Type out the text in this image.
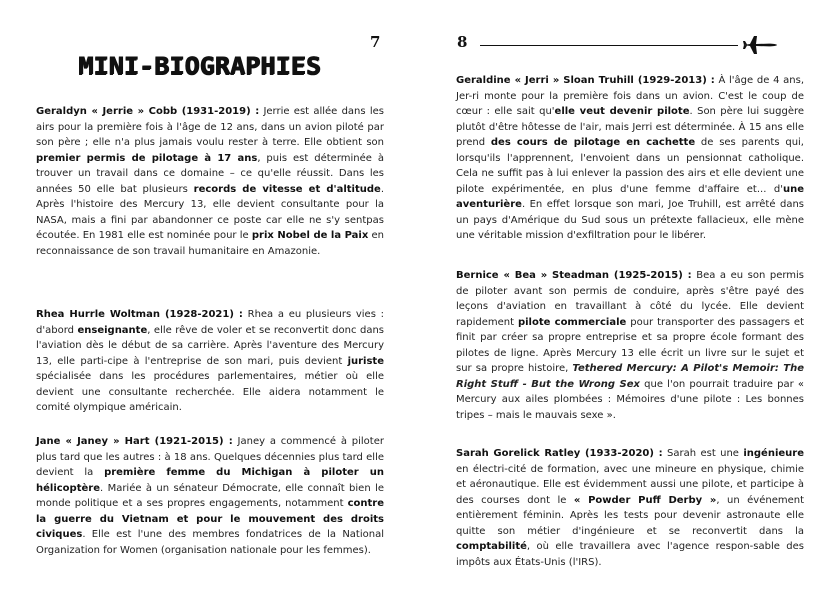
7
MINI-BIOGRAPHIES

Geraldyn « Jerrie » Cobb (1931-2019) : Jerrie est allée dans les airs pour la première fois à l'âge de 12 ans, dans un avion piloté par son père ; elle n'a plus jamais voulu rester à terre. Elle obtient son premier permis de pilotage à 17 ans, puis est déterminée à trouver un travail dans ce domaine – ce qu'elle réussit. Dans les années 50 elle bat plusieurs records de vitesse et d'altitude. Après l'histoire des Mercury 13, elle devient consultante pour la NASA, mais a fini par abandonner ce poste car elle ne s'y sentpas écoutée. En 1981 elle est nominée pour le prix Nobel de la Paix en reconnaissance de son travail humanitaire en Amazonie.

Rhea Hurrle Woltman (1928-2021) : Rhea a eu plusieurs vies : d'abord enseignante, elle rêve de voler et se reconvertit donc dans l'aviation dès le début de sa carrière. Après l'aventure des Mercury 13, elle parti-cipe à l'entreprise de son mari, puis devient juriste spécialisée dans les procédures parlementaires, métier où elle devient une consultante recherchée. Elle aidera notamment le comité olympique américain.

Jane « Janey » Hart (1921-2015) : Janey a commencé à piloter plus tard que les autres : à 18 ans. Quelques décennies plus tard elle devient la première femme du Michigan à piloter un hélicoptère. Mariée à un sénateur Démocrate, elle connaît bien le monde politique et a ses propres engagements, notamment contre la guerre du Vietnam et pour le mouvement des droits civiques. Elle est l'une des membres fondatrices de la National Organization for Women (organisation nationale pour les femmes).

8

Geraldine « Jerri » Sloan Truhill (1929-2013) : À l'âge de 4 ans, Jer-ri monte pour la première fois dans un avion. C'est le coup de cœur : elle sait qu'elle veut devenir pilote. Son père lui suggère plutôt d'être hôtesse de l'air, mais Jerri est déterminée. À 15 ans elle prend des cours de pilotage en cachette de ses parents qui, lorsqu'ils l'apprennent, l'envoient dans un pensionnat catholique. Cela ne suffit pas à lui enlever la passion des airs et elle devient une pilote expérimentée, en plus d'une femme d'affaire et... d'une aventurière. En effet lorsque son mari, Joe Truhill, est arrêté dans un pays d'Amérique du Sud sous un prétexte fallacieux, elle mène une véritable mission d'exfiltration pour le libérer.

Bernice « Bea » Steadman (1925-2015) : Bea a eu son permis de piloter avant son permis de conduire, après s'être payé des leçons d'aviation en travaillant à côté du lycée. Elle devient rapidement pilote commerciale pour transporter des passagers et finit par créer sa propre entreprise et sa propre école formant des pilotes de ligne. Après Mercury 13 elle écrit un livre sur le sujet et sur sa propre histoire, Tethered Mercury: A Pilot's Memoir: The Right Stuff - But the Wrong Sex que l'on pourrait traduire par « Mercury aux ailes plombées : Mémoires d'une pilote : Les bonnes tripes – mais le mauvais sexe ».

Sarah Gorelick Ratley (1933-2020) : Sarah est une ingénieure en électri-cité de formation, avec une mineure en physique, chimie et aéronautique. Elle est évidemment aussi une pilote, et participe à des courses dont le « Powder Puff Derby », un événement entièrement féminin. Après les tests pour devenir astronaute elle quitte son métier d'ingénieure et se reconvertit dans la comptabilité, où elle travaillera avec l'agence respon-sable des impôts aux États-Unis (l'IRS).
